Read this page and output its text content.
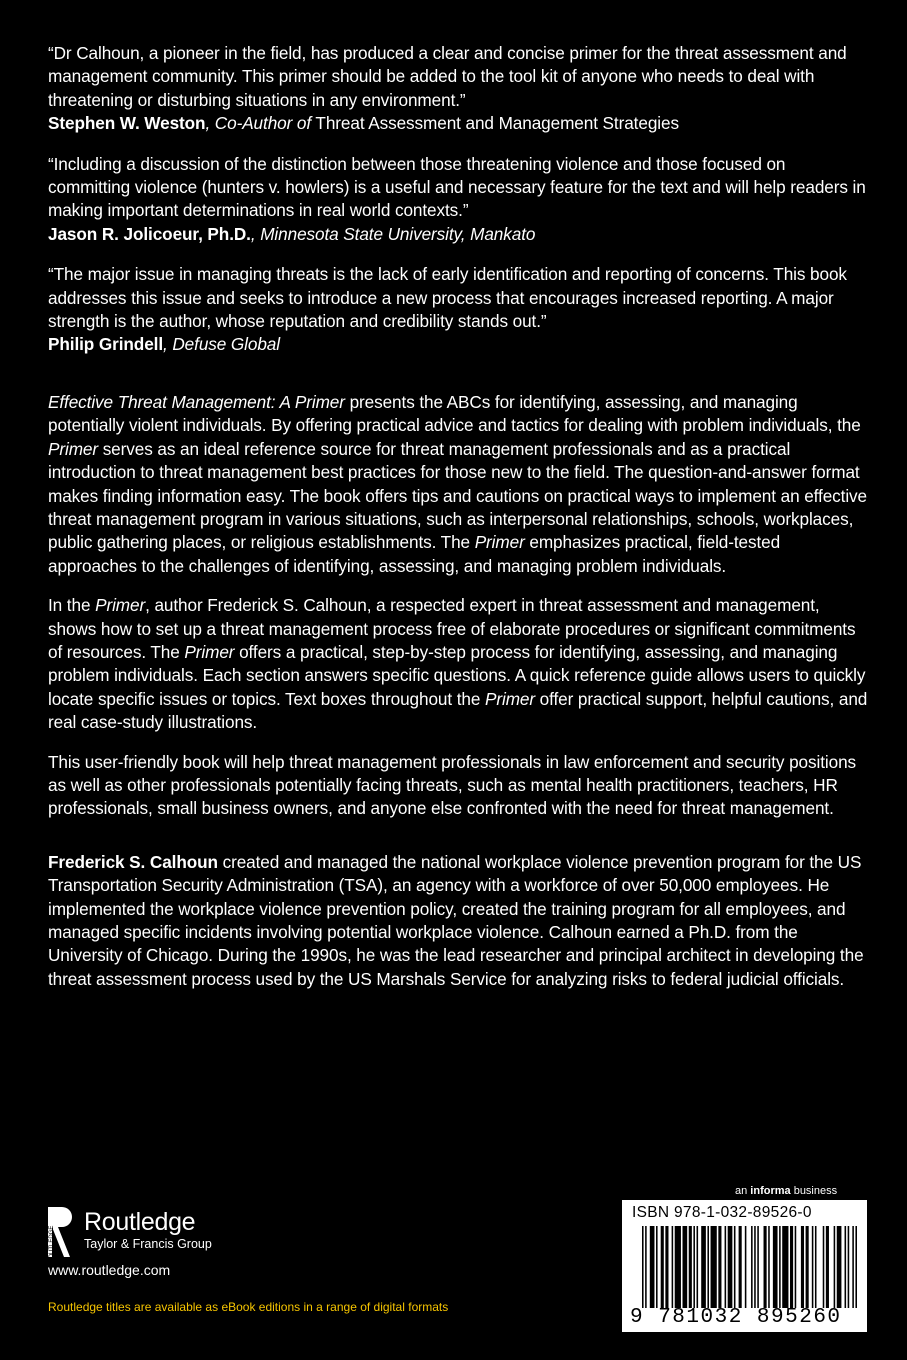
“Dr Calhoun, a pioneer in the field, has produced a clear and concise primer for the threat assessment and management community. This primer should be added to the tool kit of anyone who needs to deal with threatening or disturbing situations in any environment.”

Stephen W. Weston, Co-Author of Threat Assessment and Management Strategies

“Including a discussion of the distinction between those threatening violence and those focused on committing violence (hunters v. howlers) is a useful and necessary feature for the text and will help readers in making important determinations in real world contexts.”

Jason R. Jolicoeur, Ph.D., Minnesota State University, Mankato

“The major issue in managing threats is the lack of early identification and reporting of concerns. This book addresses this issue and seeks to introduce a new process that encourages increased reporting. A major strength is the author, whose reputation and credibility stands out.”

Philip Grindell, Defuse Global

Effective Threat Management: A Primer presents the ABCs for identifying, assessing, and managing potentially violent individuals. By offering practical advice and tactics for dealing with problem individuals, the Primer serves as an ideal reference source for threat management professionals and as a practical introduction to threat management best practices for those new to the field. The question-and-answer format makes finding information easy. The book offers tips and cautions on practical ways to implement an effective threat management program in various situations, such as interpersonal relationships, schools, workplaces, public gathering places, or religious establishments. The Primer emphasizes practical, field-tested approaches to the challenges of identifying, assessing, and managing problem individuals.

In the Primer, author Frederick S. Calhoun, a respected expert in threat assessment and management, shows how to set up a threat management process free of elaborate procedures or significant commitments of resources. The Primer offers a practical, step-by-step process for identifying, assessing, and managing problem individuals. Each section answers specific questions. A quick reference guide allows users to quickly locate specific issues or topics. Text boxes throughout the Primer offer practical support, helpful cautions, and real case-study illustrations.

This user-friendly book will help threat management professionals in law enforcement and security positions as well as other professionals potentially facing threats, such as mental health practitioners, teachers, HR professionals, small business owners, and anyone else confronted with the need for threat management.

Frederick S. Calhoun created and managed the national workplace violence prevention program for the US Transportation Security Administration (TSA), an agency with a workforce of over 50,000 employees. He implemented the workplace violence prevention policy, created the training program for all employees, and managed specific incidents involving potential workplace violence. Calhoun earned a Ph.D. from the University of Chicago. During the 1990s, he was the lead researcher and principal architect in developing the threat assessment process used by the US Marshals Service for analyzing risks to federal judicial officials.

ROUTLEDGE
Routledge
Taylor & Francis Group
www.routledge.com
Routledge titles are available as eBook editions in a range of digital formats
an informa business
ISBN 978-1-032-89526-0
9 781032 895260
